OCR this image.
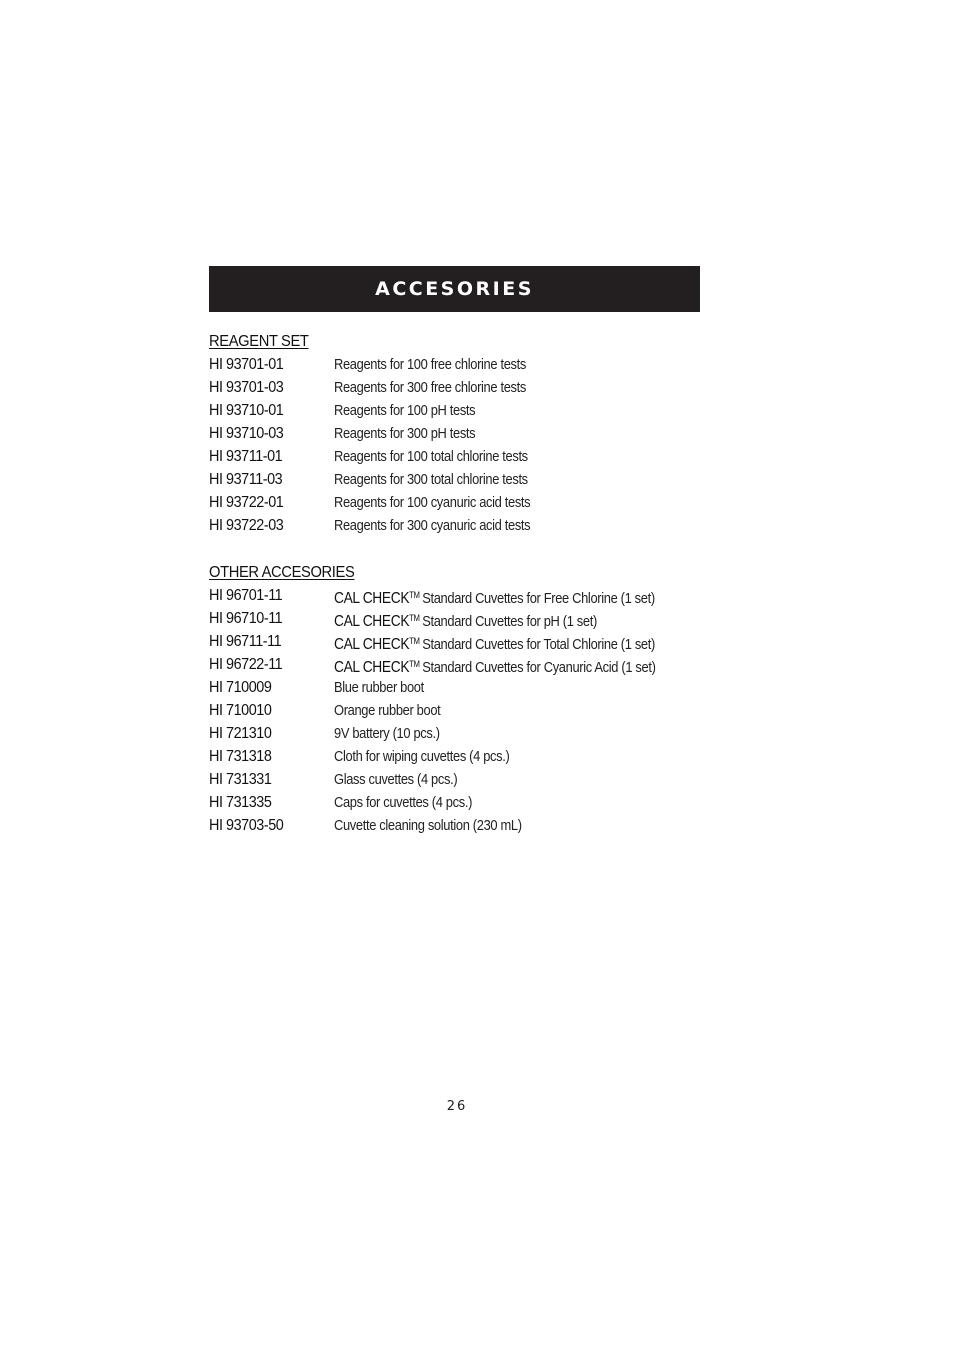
ACCESORIES
REAGENT SET
HI 93701-01	Reagents for 100 free chlorine tests
HI 93701-03	Reagents for 300 free chlorine tests
HI 93710-01	Reagents for 100 pH tests
HI 93710-03	Reagents for 300 pH tests
HI 93711-01	Reagents for 100 total chlorine tests
HI 93711-03	Reagents for 300 total chlorine tests
HI 93722-01	Reagents for 100 cyanuric acid tests
HI 93722-03	Reagents for 300 cyanuric acid tests
OTHER ACCESORIES
HI 96701-11	CAL CHECK™ Standard Cuvettes for Free Chlorine (1 set)
HI 96710-11	CAL CHECK™ Standard Cuvettes for pH (1 set)
HI 96711-11	CAL CHECK™ Standard Cuvettes for Total Chlorine (1 set)
HI 96722-11	CAL CHECK™ Standard Cuvettes for Cyanuric Acid (1 set)
HI 710009	Blue rubber boot
HI 710010	Orange rubber boot
HI 721310	9V battery (10 pcs.)
HI 731318	Cloth for wiping cuvettes (4 pcs.)
HI 731331	Glass cuvettes (4 pcs.)
HI 731335	Caps for cuvettes (4 pcs.)
HI 93703-50	Cuvette cleaning solution (230 mL)
26
